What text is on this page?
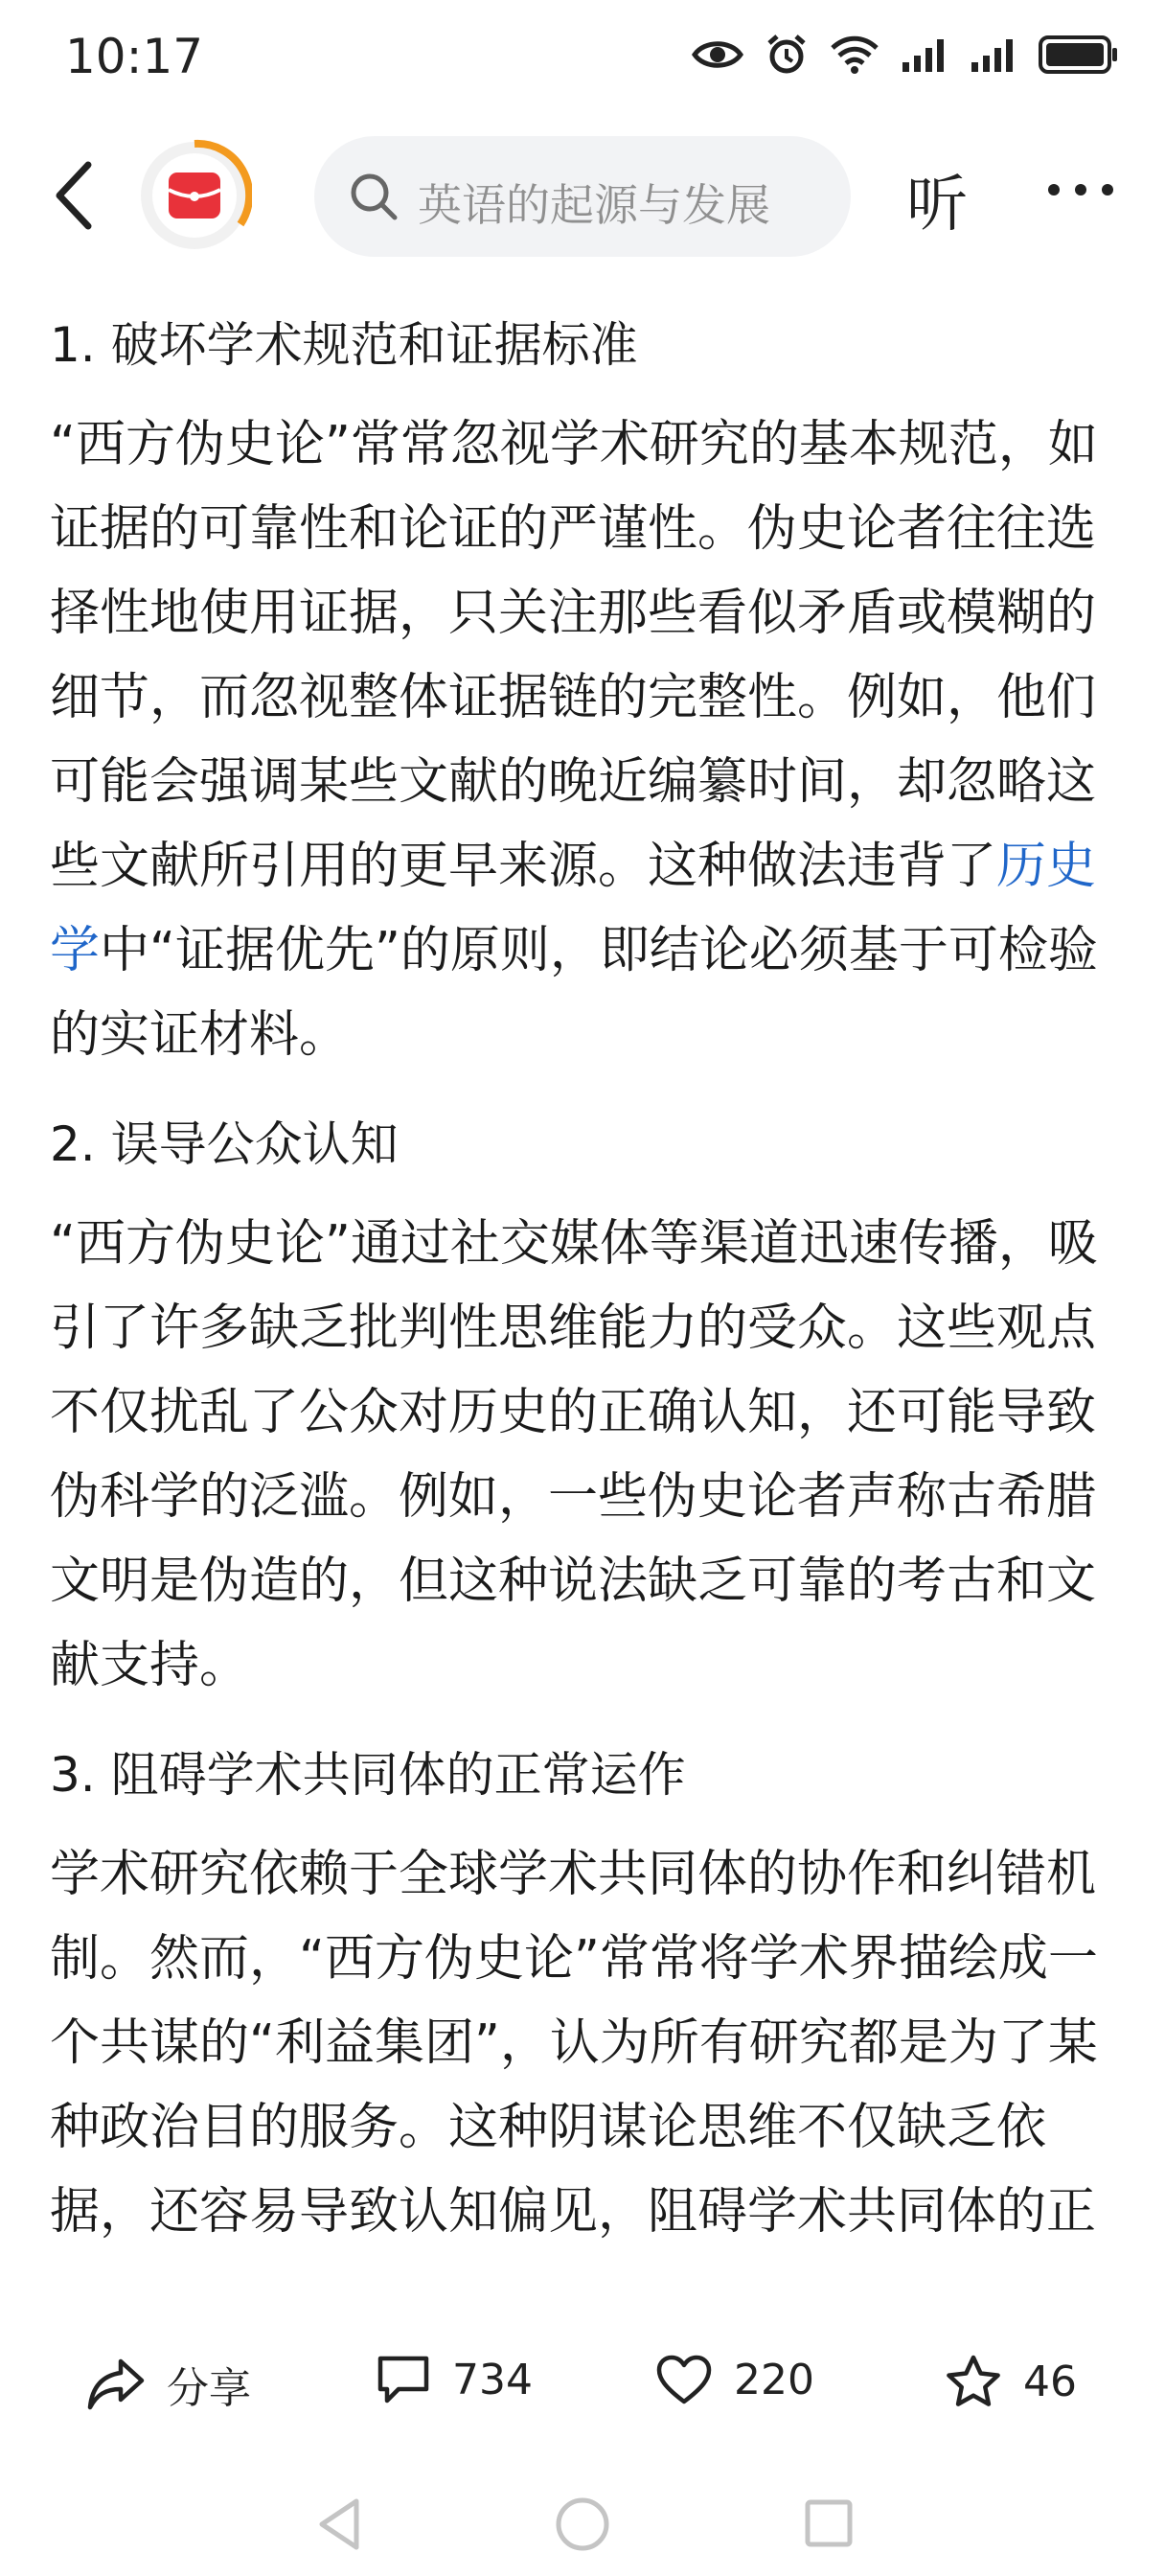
10:17
英语的起源与发展 听
1. 破坏学术规范和证据标准

“西方伪史论”常常忽视学术研究的基本规范，如证据的可靠性和论证的严谨性。伪史论者往往选择性地使用证据，只关注那些看似矛盾或模糊的细节，而忽视整体证据链的完整性。例如，他们可能会强调某些文献的晚近编纂时间，却忽略这些文献所引用的更早来源。这种做法违背了历史学中“证据优先”的原则，即结论必须基于可检验的实证材料。

2. 误导公众认知

“西方伪史论”通过社交媒体等渠道迅速传播，吸引了许多缺乏批判性思维能力的受众。这些观点不仅扰乱了公众对历史的正确认知，还可能导致伪科学的泛滥。例如，一些伪史论者声称古希腊文明是伪造的，但这种说法缺乏可靠的考古和文献支持。

3. 阻碍学术共同体的正常运作

学术研究依赖于全球学术共同体的协作和纠错机制。然而，“西方伪史论”常常将学术界描绘成一个共谋的“利益集团”，认为所有研究都是为了某种政治目的服务。这种阴谋论思维不仅缺乏依据，还容易导致认知偏见，阻碍学术共同体的正

分享	734	220	46
